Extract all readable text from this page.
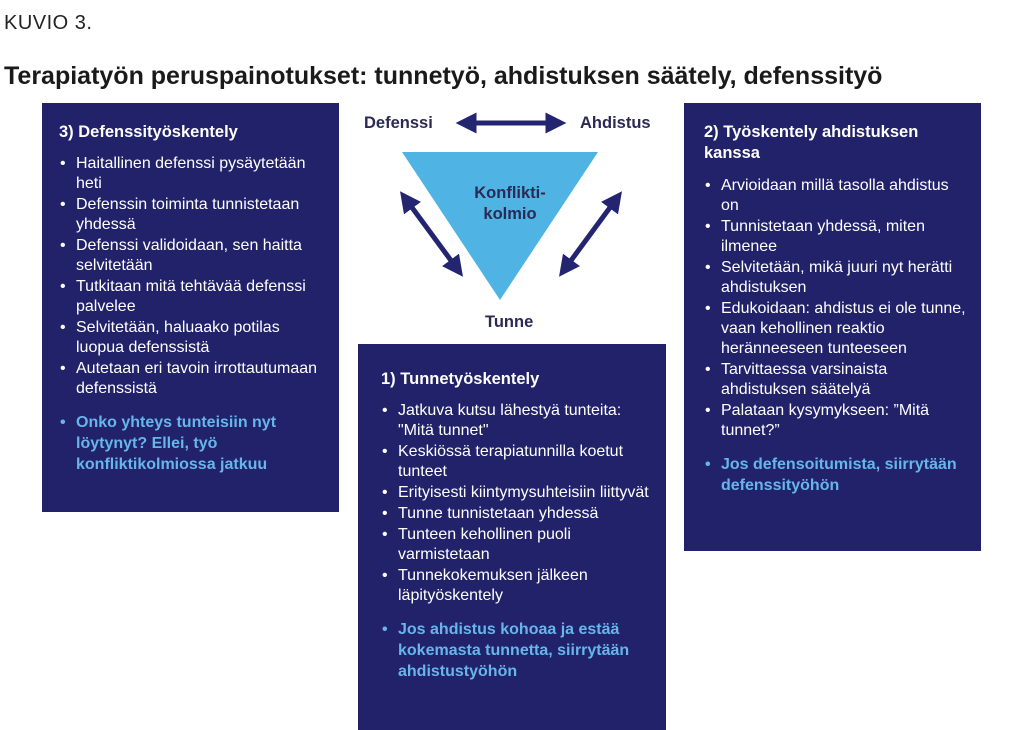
KUVIO 3.
Terapiatyön peruspainotukset: tunnetyö, ahdistuksen säätely, defenssityö
3) Defenssityöskentely
• Haitallinen defenssi pysäytetään heti
• Defenssin toiminta tunnistetaan yhdessä
• Defenssi validoidaan, sen haitta selvitetään
• Tutkitaan mitä tehtävää defenssi palvelee
• Selvitetään, haluaako potilas luopua defenssistä
• Autetaan eri tavoin irrottautumaan defenssistä
• Onko yhteys tunteisiin nyt löytynyt? Ellei, työ konfliktikolmiossa jatkuu
Defenssi	Ahdistus
Tunne
Konflikti-
kolmio
2) Työskentely ahdistuksen kanssa
• Arvioidaan millä tasolla ahdistus on
• Tunnistetaan yhdessä, miten ilmenee
• Selvitetään, mikä juuri nyt herätti ahdistuksen
• Edukoidaan: ahdistus ei ole tunne, vaan kehollinen reaktio heränneeseen tunteeseen
• Tarvittaessa varsinaista ahdistuksen säätelyä
• Palataan kysymykseen: ”Mitä tunnet?”
• Jos defensoitumista, siirrytään defenssityöhön
1) Tunnetyöskentely
• Jatkuva kutsu lähestyä tunteita: "Mitä tunnet"
• Keskiössä terapiatunnilla koetut tunteet
• Erityisesti kiintymysuhteisiin liittyvät
• Tunne tunnistetaan yhdessä
• Tunteen kehollinen puoli varmistetaan
• Tunnekokemuksen jälkeen läpityöskentely
• Jos ahdistus kohoaa ja estää kokemasta tunnetta, siirrytään ahdistustyöhön
